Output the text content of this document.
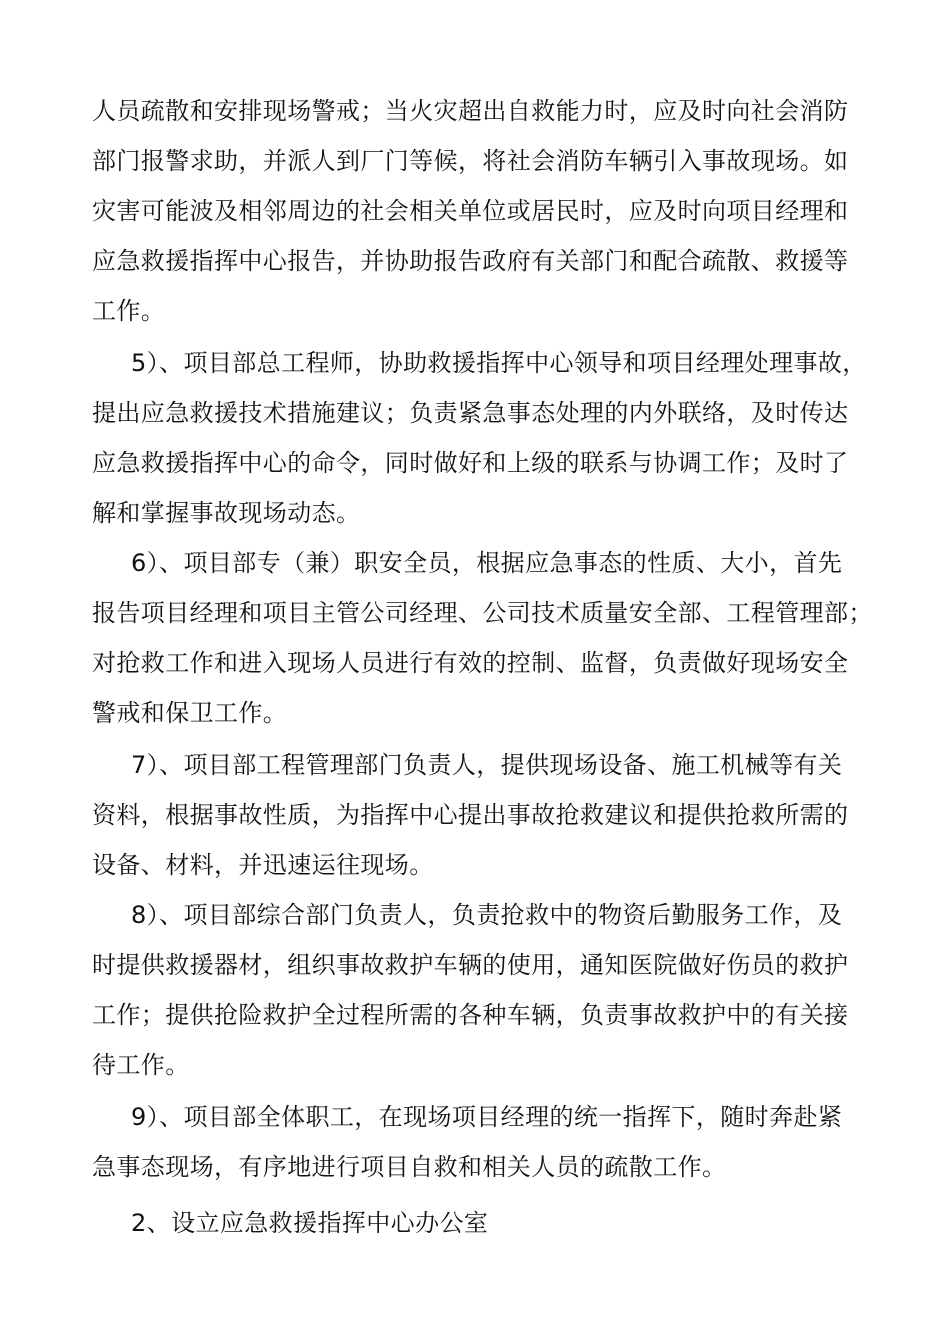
人员疏散和安排现场警戒；当火灾超出自救能力时，应及时向社会消防
部门报警求助，并派人到厂门等候，将社会消防车辆引入事故现场。如
灾害可能波及相邻周边的社会相关单位或居民时，应及时向项目经理和
应急救援指挥中心报告，并协助报告政府有关部门和配合疏散、救援等
工作。
5）、项目部总工程师，协助救援指挥中心领导和项目经理处理事故，
提出应急救援技术措施建议；负责紧急事态处理的内外联络，及时传达
应急救援指挥中心的命令，同时做好和上级的联系与协调工作；及时了
解和掌握事故现场动态。
6）、项目部专（兼）职安全员，根据应急事态的性质、大小，首先
报告项目经理和项目主管公司经理、公司技术质量安全部、工程管理部；
对抢救工作和进入现场人员进行有效的控制、监督，负责做好现场安全
警戒和保卫工作。
7）、项目部工程管理部门负责人，提供现场设备、施工机械等有关
资料，根据事故性质，为指挥中心提出事故抢救建议和提供抢救所需的
设备、材料，并迅速运往现场。
8）、项目部综合部门负责人，负责抢救中的物资后勤服务工作，及
时提供救援器材，组织事故救护车辆的使用，通知医院做好伤员的救护
工作；提供抢险救护全过程所需的各种车辆，负责事故救护中的有关接
待工作。
9）、项目部全体职工，在现场项目经理的统一指挥下，随时奔赴紧
急事态现场，有序地进行项目自救和相关人员的疏散工作。
2、设立应急救援指挥中心办公室
